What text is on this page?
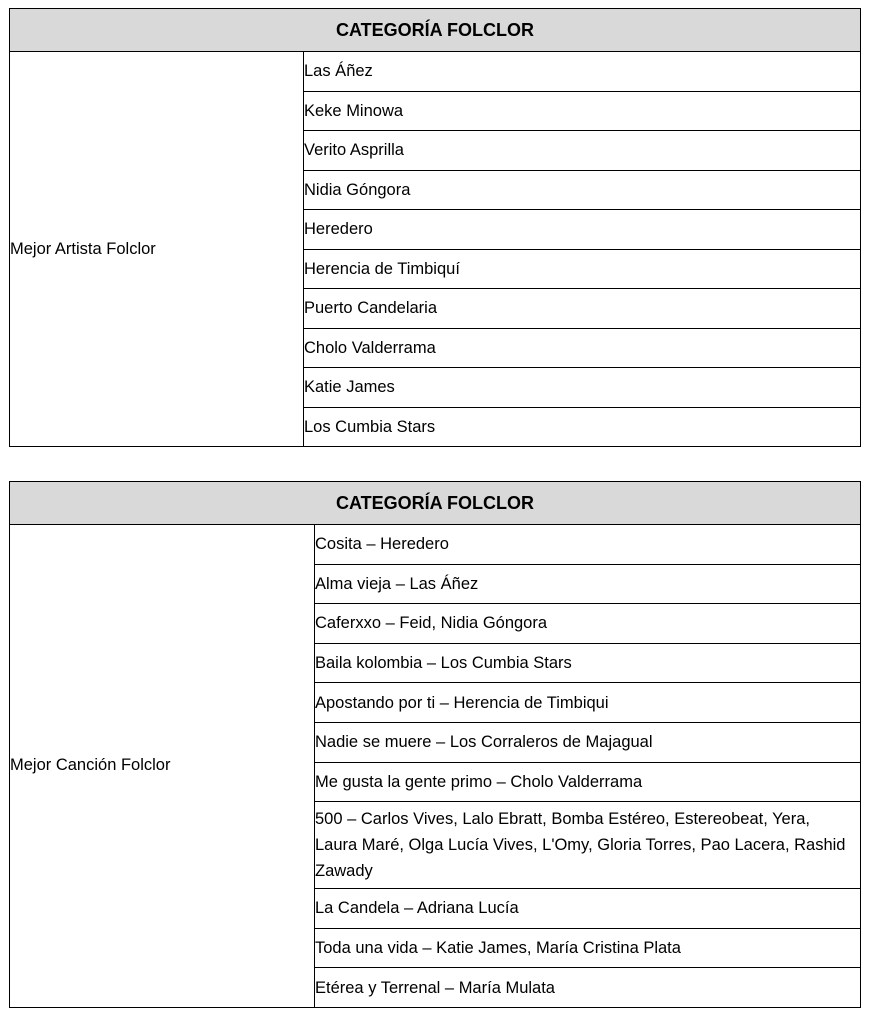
CATEGORÍA FOLCLOR
Mejor Artista Folclor	Las Áñez
Keke Minowa
Verito Asprilla
Nidia Góngora
Heredero
Herencia de Timbiquí
Puerto Candelaria
Cholo Valderrama
Katie James
Los Cumbia Stars
CATEGORÍA FOLCLOR
Mejor Canción Folclor	Cosita – Heredero
Alma vieja – Las Áñez
Caferxxo – Feid, Nidia Góngora
Baila kolombia – Los Cumbia Stars
Apostando por ti – Herencia de Timbiqui
Nadie se muere – Los Corraleros de Majagual
Me gusta la gente primo – Cholo Valderrama
500 – Carlos Vives, Lalo Ebratt, Bomba Estéreo, Estereobeat, Yera, Laura Maré, Olga Lucía Vives, L'Omy, Gloria Torres, Pao Lacera, Rashid Zawady
La Candela – Adriana Lucía
Toda una vida – Katie James, María Cristina Plata
Etérea y Terrenal – María Mulata
